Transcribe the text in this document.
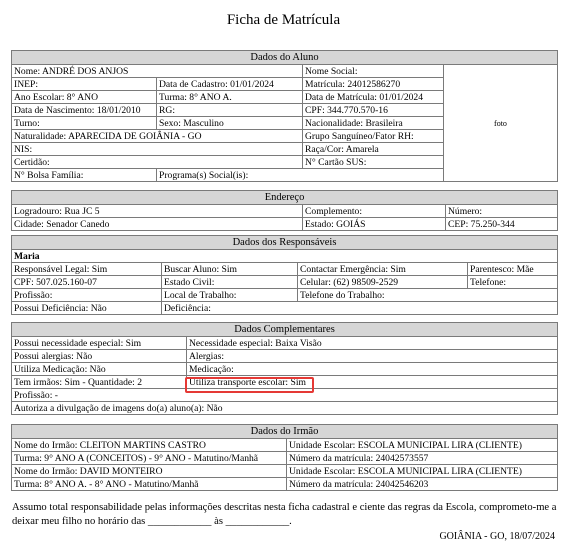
Ficha de Matrícula
Dados do Aluno			
Nome: ANDRÉ DOS ANJOS		Nome Social:	foto
INEP:	Data de Cadastro: 01/01/2024	Matrícula: 24012586270	
Ano Escolar: 8° ANO	Turma: 8° ANO A.	Data de Matrícula: 01/01/2024	
Data de Nascimento: 18/01/2010	RG:	CPF: 344.770.570-16	
Turno:	Sexo: Masculino	Nacionalidade: Brasileira	
Naturalidade: APARECIDA DE GOIÂNIA - GO		Grupo Sanguíneo/Fator RH:	
NIS:		Raça/Cor: Amarela	
Certidão:		N° Cartão SUS:	
N° Bolsa Família:	Programa(s) Social(is):		
Endereço		
Logradouro: Rua JC 5	Complemento:	Número:
Cidade: Senador Canedo	Estado: GOIÁS	CEP: 75.250-344
Dados dos Responsáveis			
Maria			
Responsável Legal: Sim	Buscar Aluno: Sim	Contactar Emergência: Sim	Parentesco: Mãe
CPF: 507.025.160-07	Estado Civil:	Celular: (62) 98509-2529	Telefone:
Profissão:	Local de Trabalho:	Telefone do Trabalho:	
Possui Deficiência: Não	Deficiência:		
Dados Complementares	
Possui necessidade especial: Sim	Necessidade especial: Baixa Visão
Possui alergias: Não	Alergias:
Utiliza Medicação: Não	Medicação:
Tem irmãos: Sim - Quantidade: 2	Utiliza transporte escolar: Sim
Profissão: -	
Autoriza a divulgação de imagens do(a) aluno(a): Não	
Dados do Irmão	
Nome do Irmão: CLEITON MARTINS CASTRO	Unidade Escolar: ESCOLA MUNICIPAL LIRA (CLIENTE)
Turma: 9° ANO A (CONCEITOS) - 9° ANO - Matutino/Manhã	Número da matrícula: 24042573557
Nome do Irmão: DAVID MONTEIRO	Unidade Escolar: ESCOLA MUNICIPAL LIRA (CLIENTE)
Turma: 8° ANO A. - 8° ANO - Matutino/Manhã	Número da matrícula: 24042546203
Assumo total responsabilidade pelas informações descritas nesta ficha cadastral e ciente das regras da Escola, comprometo-me a deixar meu filho no horário das ____________ às ____________.
GOIÂNIA - GO, 18/07/2024
